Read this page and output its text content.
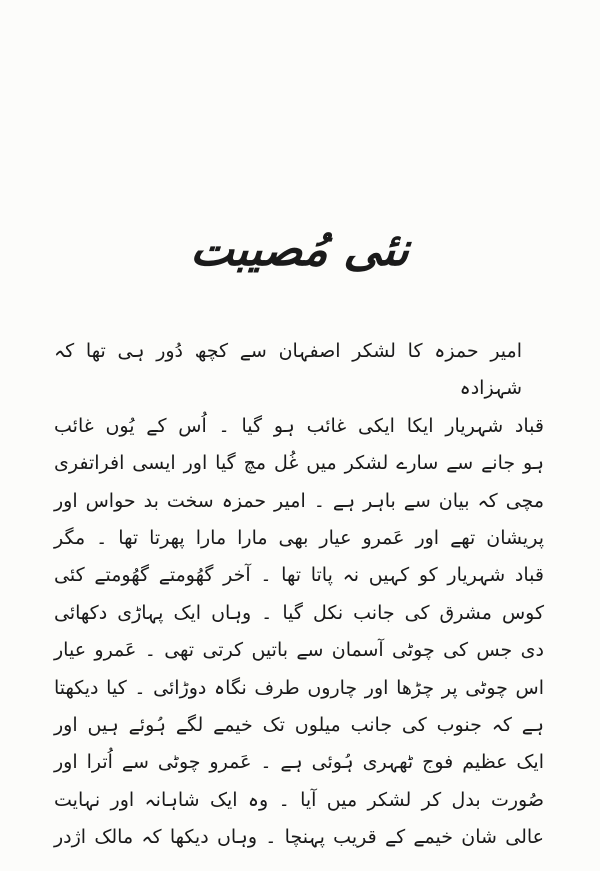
نئی مُصیبت
امیر حمزہ کا لشکر اصفہان سے کچھ دُور ہی تھا کہ شہزادہ
قباد شہریار ایکا ایکی غائب ہو گیا ۔ اُس کے یُوں غائب
ہو جانے سے سارے لشکر میں غُل مچ گیا اور ایسی افراتفری
مچی کہ بیان سے باہر ہے ۔ امیر حمزہ سخت بد حواس اور
پریشان تھے اور عَمرو عیار بھی مارا مارا پھرتا تھا ۔ مگر
قباد شہریار کو کہیں نہ پاتا تھا ۔ آخر گھُومتے گھُومتے کئی
کوس مشرق کی جانب نکل گیا ۔ وہاں ایک پہاڑی دکھائی
دی جس کی چوٹی آسمان سے باتیں کرتی تھی ۔ عَمرو عیار
اس چوٹی پر چڑھا اور چاروں طرف نگاہ دوڑائی ۔ کیا دیکھتا
ہے کہ جنوب کی جانب میلوں تک خیمے لگے ہُوئے ہیں اور
ایک عظیم فوج ٹھہری ہُوئی ہے ۔ عَمرو چوٹی سے اُترا اور
صُورت بدل کر لشکر میں آیا ۔ وہ ایک شاہانہ اور نہایت
عالی شان خیمے کے قریب پہنچا ۔ وہاں دیکھا کہ مالک اژدر
